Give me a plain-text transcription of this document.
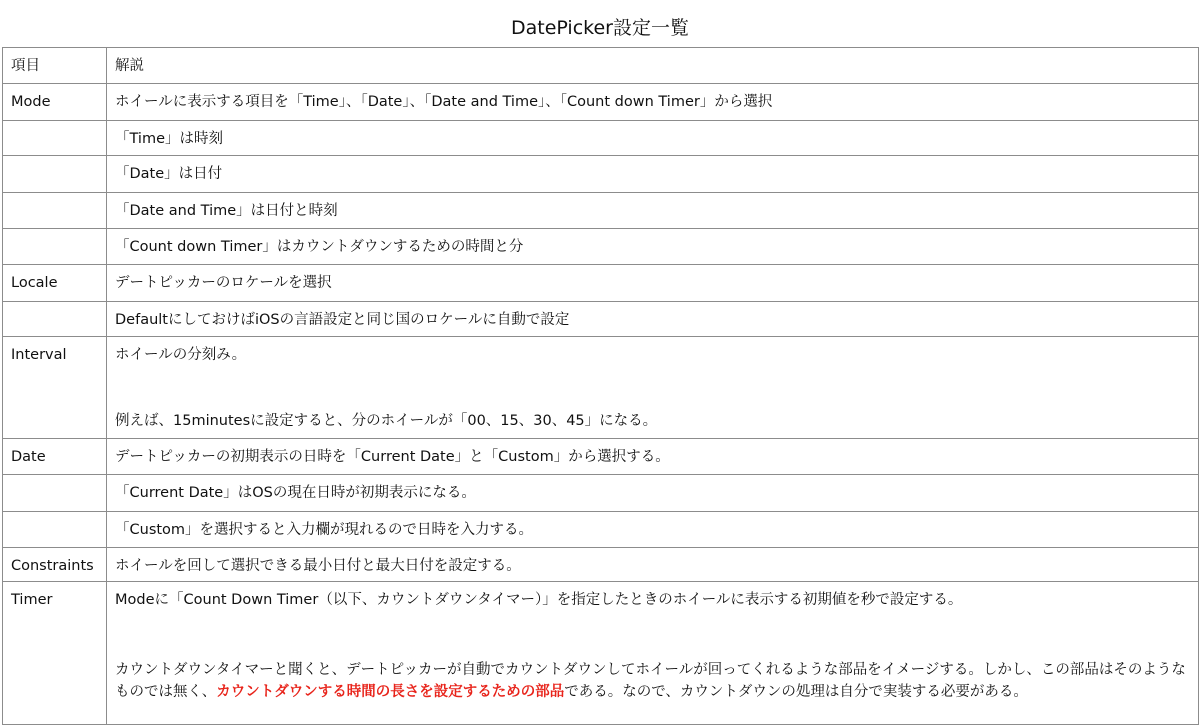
DatePicker設定一覧
項目	解説

Mode	ホイールに表示する項目を「Time」、「Date」、「Date and Time」、「Count down Timer」から選択

	「Time」は時刻

	「Date」は日付

	「Date and Time」は日付と時刻

	「Count down Timer」はカウントダウンするための時間と分

Locale	デートピッカーのロケールを選択

	DefaultにしておけばiOSの言語設定と同じ国のロケールに自動で設定

Interval	ホイールの分刻み。
例えば、15minutesに設定すると、分のホイールが「00、15、30、45」になる。

Date	デートピッカーの初期表示の日時を「Current Date」と「Custom」から選択する。

	「Current Date」はOSの現在日時が初期表示になる。

	「Custom」を選択すると入力欄が現れるので日時を入力する。

Constraints	ホイールを回して選択できる最小日付と最大日付を設定する。

Timer	Modeに「Count Down Timer（以下、カウントダウンタイマー）」を指定したときのホイールに表示する初期値を秒で設定する。
カウントダウンタイマーと聞くと、デートピッカーが自動でカウントダウンしてホイールが回ってくれるような部品をイメージする。しかし、この部品はそのようなものでは無く、カウントダウンする時間の長さを設定するための部品である。なので、カウントダウンの処理は自分で実装する必要がある。
